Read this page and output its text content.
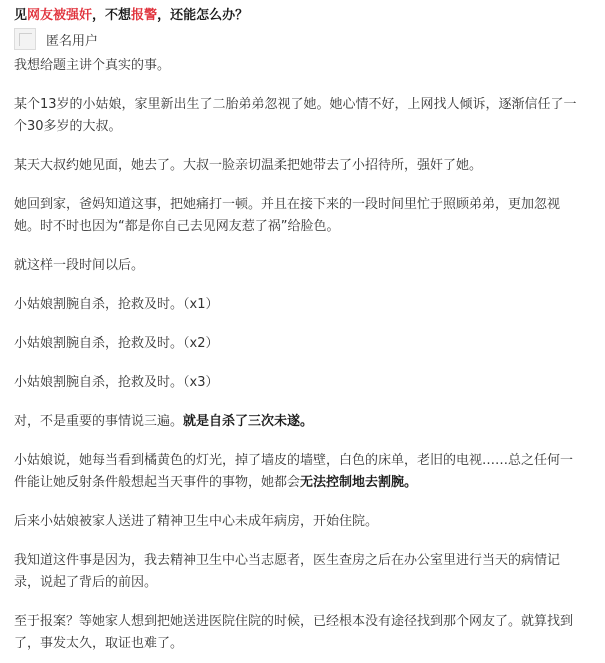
见网友被强奸，不想报警，还能怎么办？
匿名用户

我想给题主讲个真实的事。

某个13岁的小姑娘，家里新出生了二胎弟弟忽视了她。她心情不好，上网找人倾诉，逐渐信任了一
个30多岁的大叔。

某天大叔约她见面，她去了。大叔一脸亲切温柔把她带去了小招待所，强奸了她。

她回到家，爸妈知道这事，把她痛打一顿。并且在接下来的一段时间里忙于照顾弟弟，更加忽视
她。时不时也因为“都是你自己去见网友惹了祸”给脸色。

就这样一段时间以后。

小姑娘割腕自杀，抢救及时。（x1）

小姑娘割腕自杀，抢救及时。（x2）

小姑娘割腕自杀，抢救及时。（x3）

对，不是重要的事情说三遍。就是自杀了三次未遂。

小姑娘说，她每当看到橘黄色的灯光，掉了墙皮的墙壁，白色的床单，老旧的电视……总之任何一
件能让她反射条件般想起当天事件的事物，她都会无法控制地去割腕。

后来小姑娘被家人送进了精神卫生中心未成年病房，开始住院。

我知道这件事是因为，我去精神卫生中心当志愿者，医生查房之后在办公室里进行当天的病情记
录，说起了背后的前因。

至于报案？等她家人想到把她送进医院住院的时候，已经根本没有途径找到那个网友了。就算找到
了，事发太久，取证也难了。
